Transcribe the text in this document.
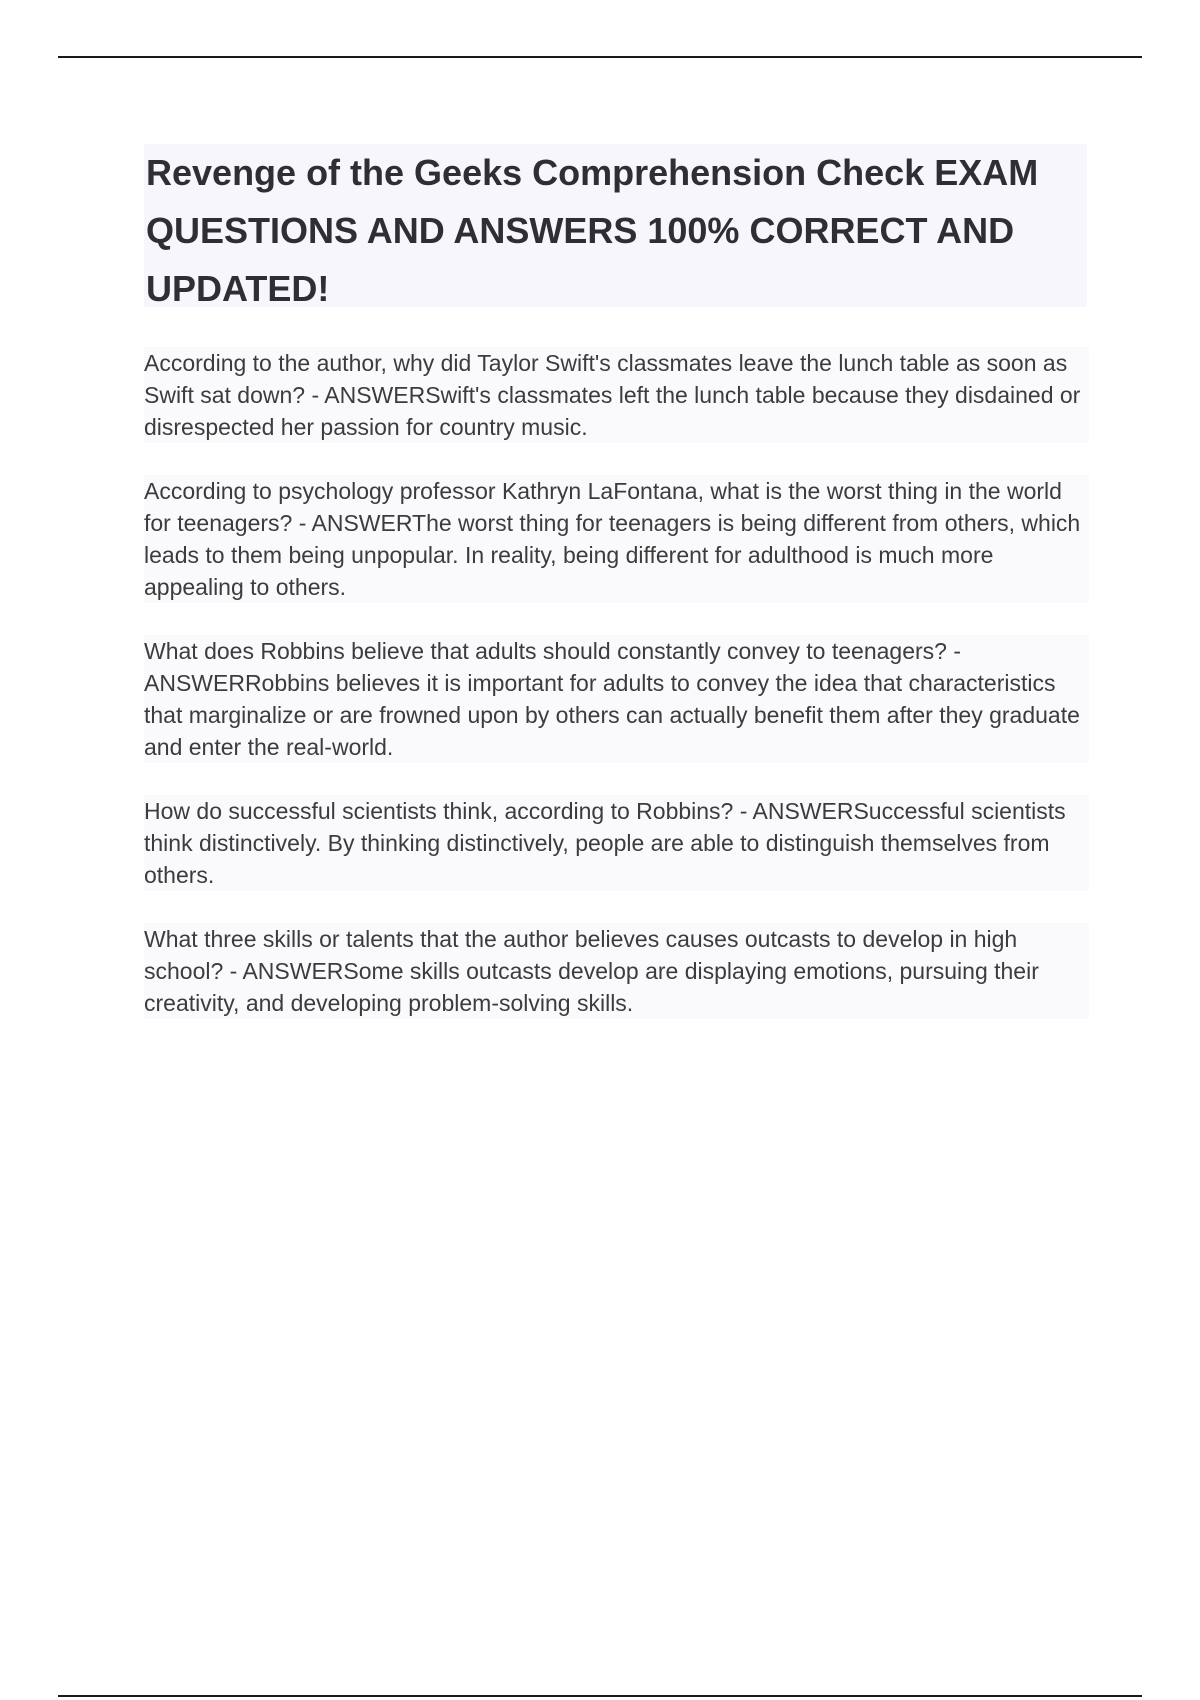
Revenge of the Geeks Comprehension Check EXAM QUESTIONS AND ANSWERS 100% CORRECT AND UPDATED!

According to the author, why did Taylor Swift's classmates leave the lunch table as soon as Swift sat down? - ANSWERSwift's classmates left the lunch table because they disdained or disrespected her passion for country music.

According to psychology professor Kathryn LaFontana, what is the worst thing in the world for teenagers? - ANSWERThe worst thing for teenagers is being different from others, which leads to them being unpopular. In reality, being different for adulthood is much more appealing to others.

What does Robbins believe that adults should constantly convey to teenagers? - ANSWERRobbins believes it is important for adults to convey the idea that characteristics that marginalize or are frowned upon by others can actually benefit them after they graduate and enter the real-world.

How do successful scientists think, according to Robbins? - ANSWERSuccessful scientists think distinctively. By thinking distinctively, people are able to distinguish themselves from others.

What three skills or talents that the author believes causes outcasts to develop in high school? - ANSWERSome skills outcasts develop are displaying emotions, pursuing their creativity, and developing problem-solving skills.
